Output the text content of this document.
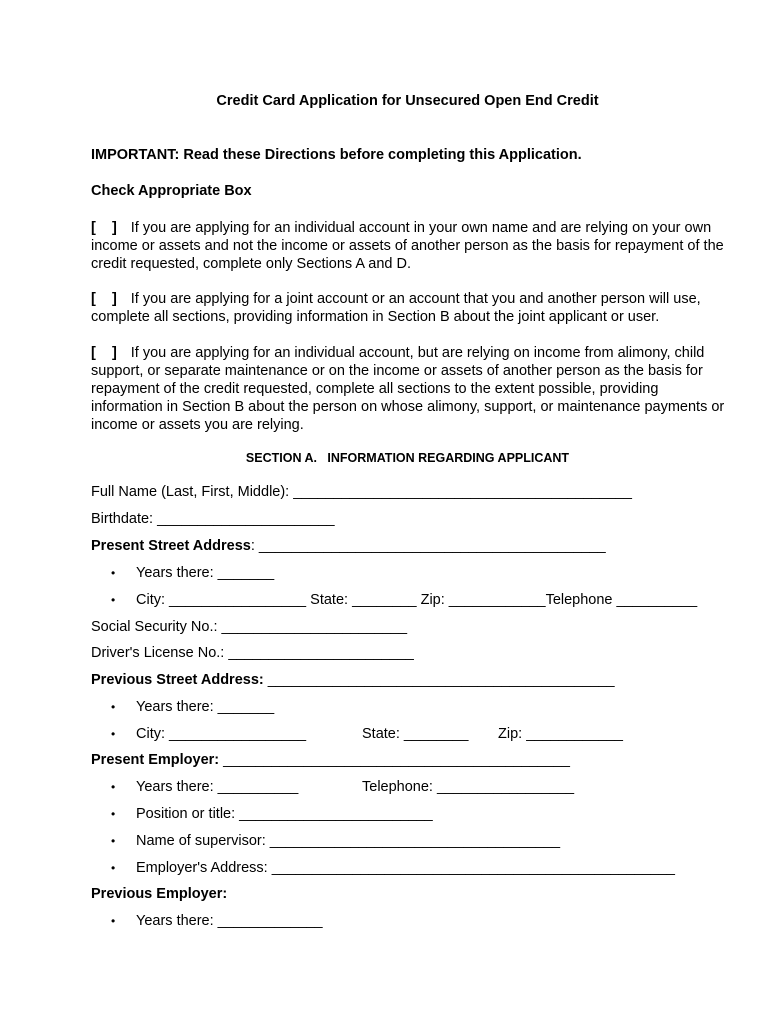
Credit Card Application for Unsecured Open End Credit
IMPORTANT: Read these Directions before completing this Application.
Check Appropriate Box
[    ] If you are applying for an individual account in your own name and are relying on your own income or assets and not the income or assets of another person as the basis for repayment of the credit requested, complete only Sections A and D.
[    ] If you are applying for a joint account or an account that you and another person will use, complete all sections, providing information in Section B about the joint applicant or user.
[    ] If you are applying for an individual account, but are relying on income from alimony, child support, or separate maintenance or on the income or assets of another person as the basis for repayment of the credit requested, complete all sections to the extent possible, providing information in Section B about the person on whose alimony, support, or maintenance payments or income or assets you are relying.
SECTION A.   INFORMATION REGARDING APPLICANT
Full Name (Last, First, Middle): __________________________________________
Birthdate: ______________________
Present Street Address: ___________________________________________
• Years there: _______
• City: _________________ State: ________ Zip: ____________Telephone __________
Social Security No.: _______________________
Driver's License No.: _______________________
Previous Street Address: ___________________________________________
• Years there: _______
• City: _________________	State: ________ Zip: ____________
Present Employer: ___________________________________________
• Years there: __________	Telephone: _________________
• Position or title: ________________________
• Name of supervisor: ____________________________________
• Employer's Address: __________________________________________________
Previous Employer:
• Years there: _____________
